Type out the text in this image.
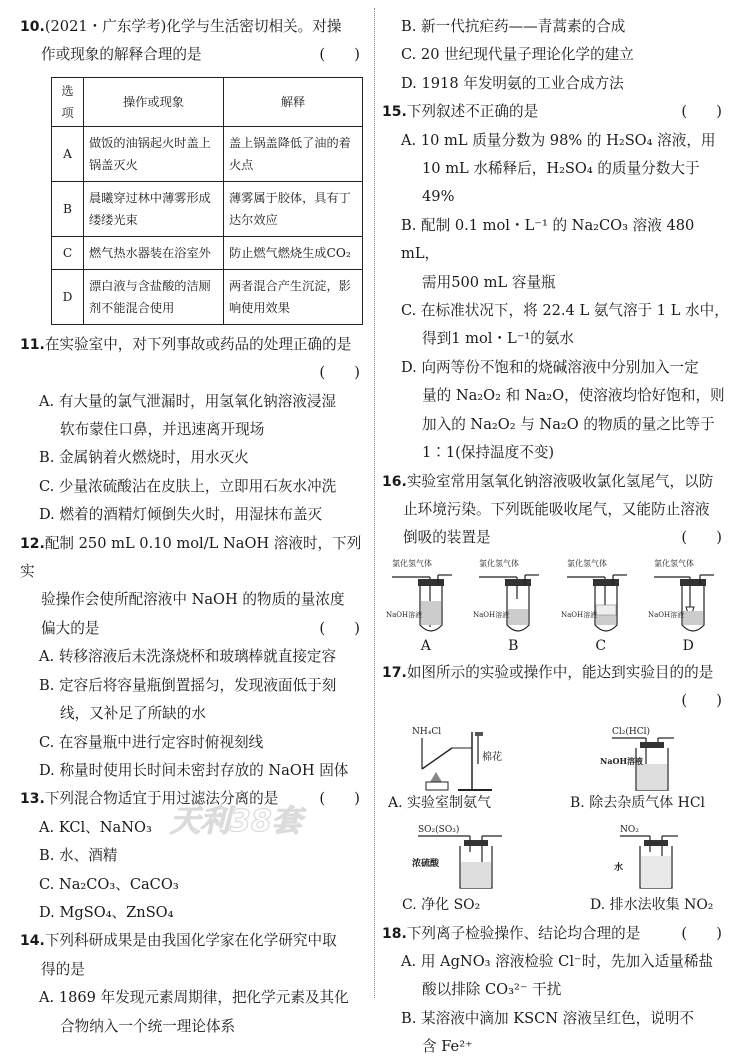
10.(2021・广东学考)化学与生活密切相关。对操
作或现象的解释合理的是	(　　)
选项	操作或现象	解释
A	做饭的油锅起火时盖上锅盖灭火	盖上锅盖降低了油的着火点
B	晨曦穿过林中薄雾形成缕缕光束	薄雾属于胶体，具有丁达尔效应
C	燃气热水器装在浴室外	防止燃气燃烧生成CO₂
D	漂白液与含盐酸的洁厕剂不能混合使用	两者混合产生沉淀，影响使用效果
11.在实验室中，对下列事故或药品的处理正确的是
(　　)

A. 有大量的氯气泄漏时，用氢氧化钠溶液浸湿
软布蒙住口鼻，并迅速离开现场
B. 金属钠着火燃烧时，用水灭火
C. 少量浓硫酸沾在皮肤上，立即用石灰水冲洗
D. 燃着的酒精灯倾倒失火时，用湿抹布盖灭
12.配制 250 mL 0.10 mol/L NaOH 溶液时，下列实
验操作会使所配溶液中 NaOH 的物质的量浓度
偏大的是	(　　)
A. 转移溶液后未洗涤烧杯和玻璃棒就直接定容
B. 定容后将容量瓶倒置摇匀，发现液面低于刻
线，又补足了所缺的水
C. 在容量瓶中进行定容时俯视刻线
D. 称量时使用长时间未密封存放的 NaOH 固体
13.下列混合物适宜于用过滤法分离的是	(　　)
A. KCl、NaNO₃
B. 水、酒精
C. Na₂CO₃、CaCO₃
D. MgSO₄、ZnSO₄
14.下列科研成果是由我国化学家在化学研究中取
得的是
A. 1869 年发现元素周期律，把化学元素及其化
合物纳入一个统一理论体系
天利38套
B. 新一代抗疟药——青蒿素的合成
C. 20 世纪现代量子理论化学的建立
D. 1918 年发明氨的工业合成方法
15.下列叙述不正确的是	(　　)
A. 10 mL 质量分数为 98% 的 H₂SO₄ 溶液，用
10 mL 水稀释后，H₂SO₄ 的质量分数大于 49%
B. 配制 0.1 mol・L⁻¹ 的 Na₂CO₃ 溶液 480 mL，
需用500 mL 容量瓶
C. 在标准状况下，将 22.4 L 氨气溶于 1 L 水中，
得到1 mol・L⁻¹的氨水
D. 向两等份不饱和的烧碱溶液中分别加入一定
量的 Na₂O₂ 和 Na₂O，使溶液均恰好饱和，则
加入的 Na₂O₂ 与 Na₂O 的物质的量之比等于
1∶1(保持温度不变)
16.实验室常用氢氧化钠溶液吸收氯化氢尾气，以防
止环境污染。下列既能吸收尾气，又能防止溶液
倒吸的装置是	(　　)
氯化氢气体
NaOH溶液
A
氯化氢气体
NaOH溶液
B
氯化氢气体
NaOH溶液
C
氯化氢气体
NaOH溶液
D
17.如图所示的实验或操作中，能达到实验目的的是
(　　)

NH₄Cl
棉花
A. 实验室制氨气
Cl₂(HCl)
NaOH溶液
B. 除去杂质气体 HCl
SO₂(SO₃)
浓硫酸
C. 净化 SO₂
NO₂
水
D. 排水法收集 NO₂
18.下列离子检验操作、结论均合理的是	(　　)
A. 用 AgNO₃ 溶液检验 Cl⁻时，先加入适量稀盐
酸以排除 CO₃²⁻ 干扰
B. 某溶液中滴加 KSCN 溶液呈红色，说明不
含 Fe²⁺
